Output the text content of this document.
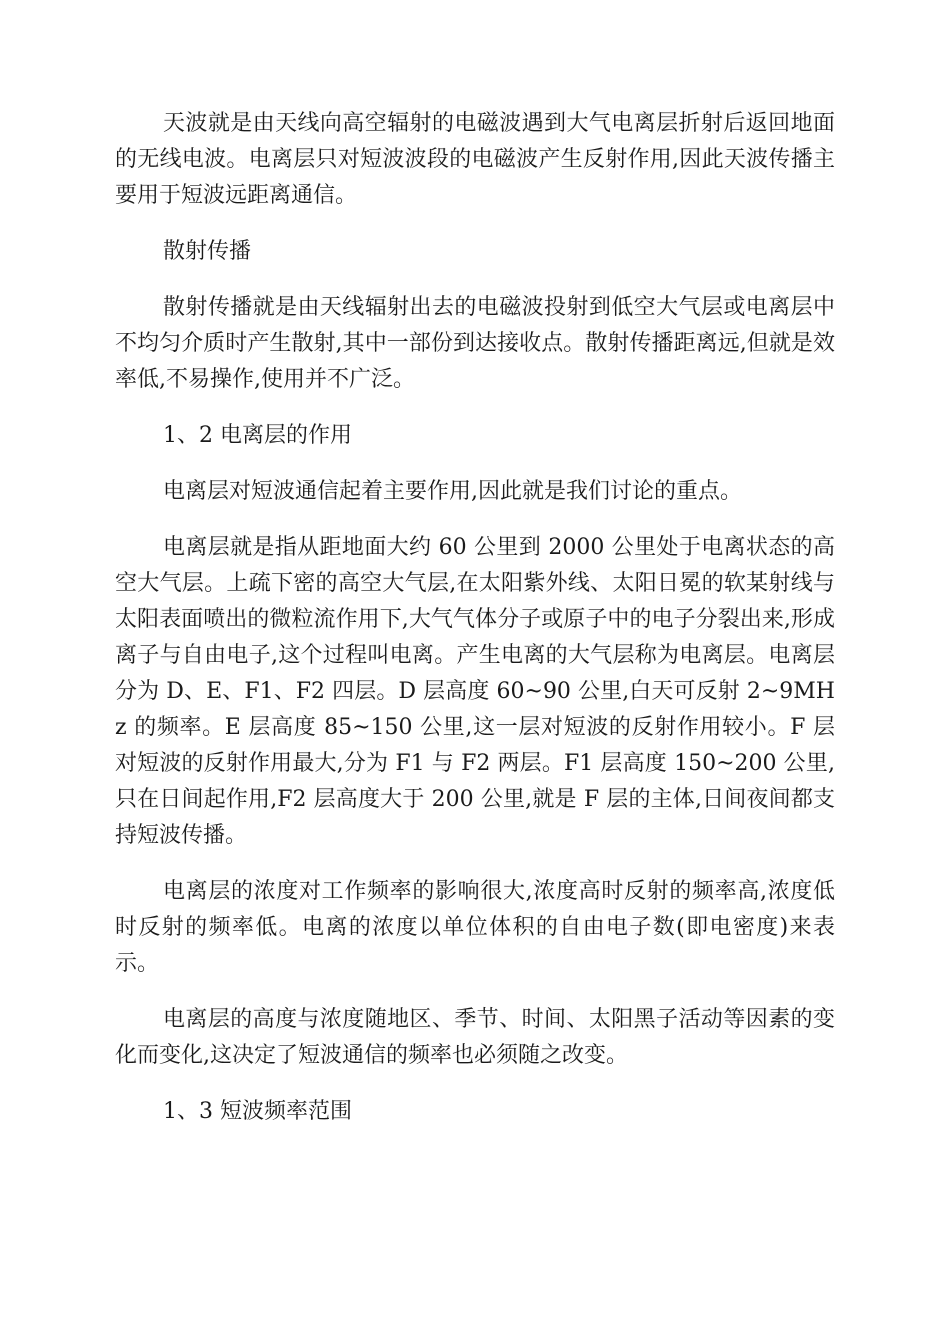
天波就是由天线向高空辐射的电磁波遇到大气电离层折射后返回地面的无线电波。电离层只对短波波段的电磁波产生反射作用,因此天波传播主要用于短波远距离通信。

散射传播

散射传播就是由天线辐射出去的电磁波投射到低空大气层或电离层中不均匀介质时产生散射,其中一部份到达接收点。散射传播距离远,但就是效率低,不易操作,使用并不广泛。

1、2 电离层的作用

电离层对短波通信起着主要作用,因此就是我们讨论的重点。

电离层就是指从距地面大约 60 公里到 2000 公里处于电离状态的高空大气层。上疏下密的高空大气层,在太阳紫外线、太阳日冕的软某射线与太阳表面喷出的微粒流作用下,大气气体分子或原子中的电子分裂出来,形成离子与自由电子,这个过程叫电离。产生电离的大气层称为电离层。电离层分为 D、E、F1、F2 四层。D 层高度 60~90 公里,白天可反射 2~9MHz 的频率。E 层高度 85~150 公里,这一层对短波的反射作用较小。F 层对短波的反射作用最大,分为 F1 与 F2 两层。F1 层高度 150~200 公里,只在日间起作用,F2 层高度大于 200 公里,就是 F 层的主体,日间夜间都支持短波传播。

电离层的浓度对工作频率的影响很大,浓度高时反射的频率高,浓度低时反射的频率低。电离的浓度以单位体积的自由电子数(即电密度)来表示。

电离层的高度与浓度随地区、季节、时间、太阳黑子活动等因素的变化而变化,这决定了短波通信的频率也必须随之改变。

1、3 短波频率范围
